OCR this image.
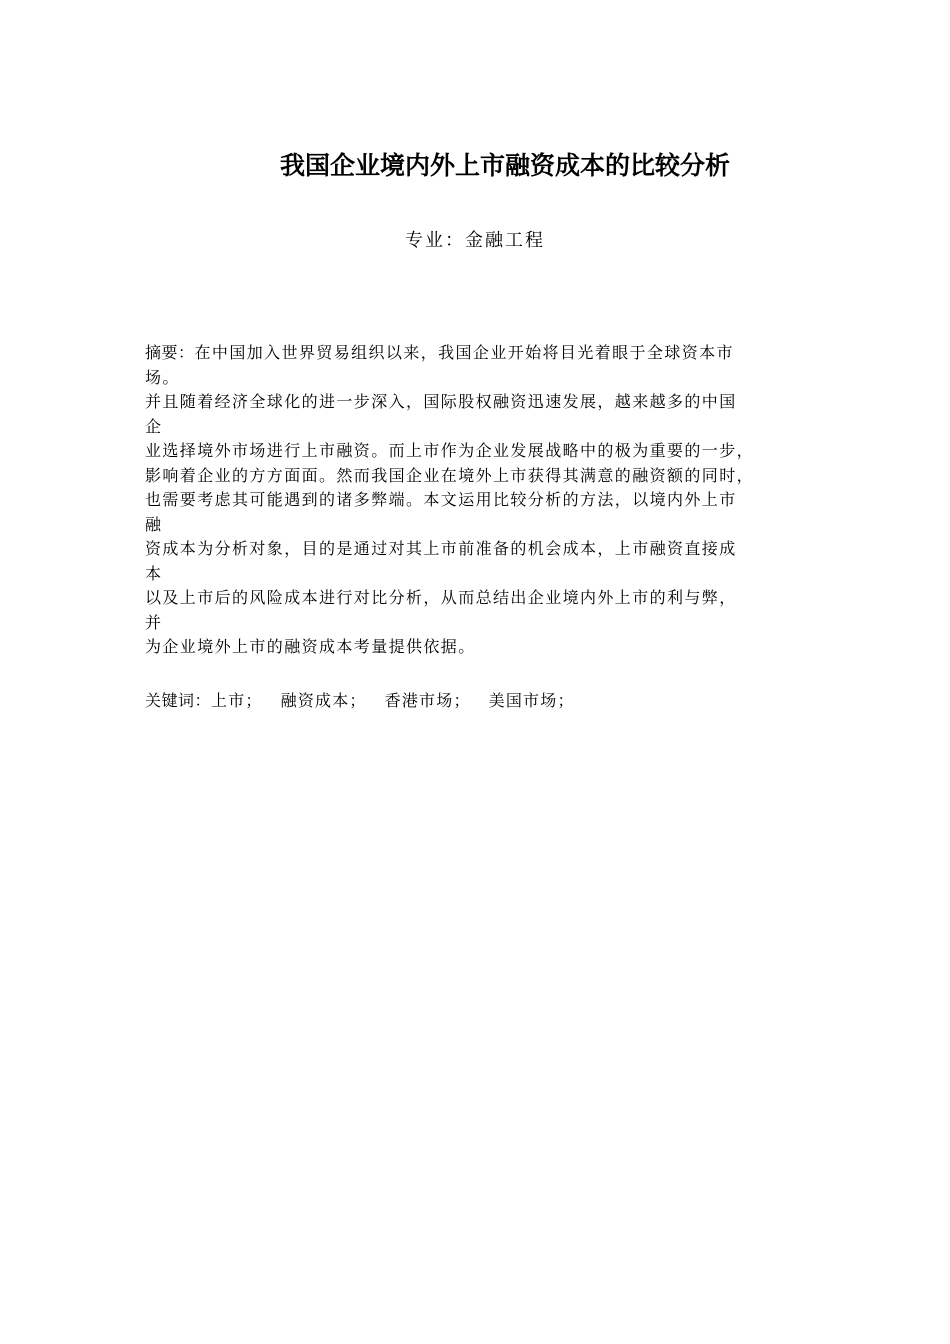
我国企业境内外上市融资成本的比较分析
专业：金融工程
摘要：在中国加入世界贸易组织以来，我国企业开始将目光着眼于全球资本市
场。
并且随着经济全球化的进一步深入，国际股权融资迅速发展，越来越多的中国
企
业选择境外市场进行上市融资。而上市作为企业发展战略中的极为重要的一步，
影响着企业的方方面面。然而我国企业在境外上市获得其满意的融资额的同时，
也需要考虑其可能遇到的诸多弊端。本文运用比较分析的方法，以境内外上市
融
资成本为分析对象，目的是通过对其上市前准备的机会成本，上市融资直接成
本
以及上市后的风险成本进行对比分析，从而总结出企业境内外上市的利与弊，
并
为企业境外上市的融资成本考量提供依据。
关键词：上市； 融资成本； 香港市场； 美国市场；
